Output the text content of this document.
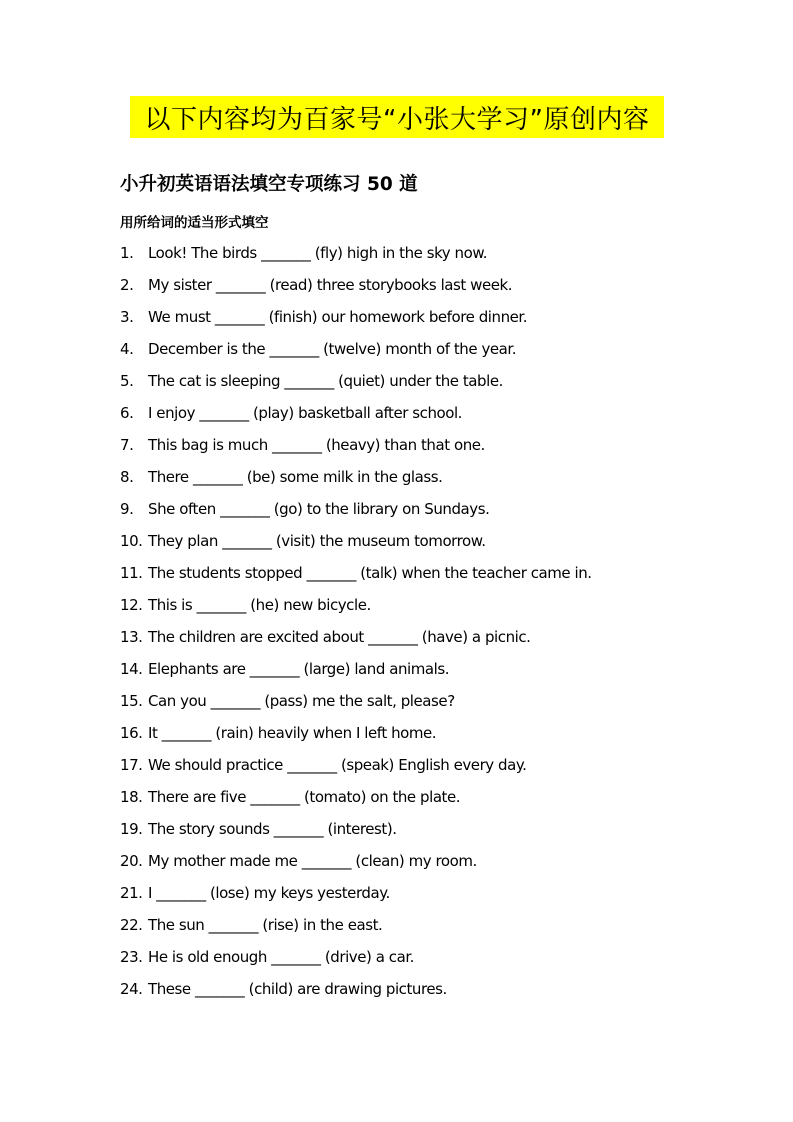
以下内容均为百家号“小张大学习”原创内容
小升初英语语法填空专项练习 50 道
用所给词的适当形式填空
1. Look! The birds _______ (fly) high in the sky now.
2. My sister _______ (read) three storybooks last week.
3. We must _______ (finish) our homework before dinner.
4. December is the _______ (twelve) month of the year.
5. The cat is sleeping _______ (quiet) under the table.
6. I enjoy _______ (play) basketball after school.
7. This bag is much _______ (heavy) than that one.
8. There _______ (be) some milk in the glass.
9. She often _______ (go) to the library on Sundays.
10. They plan _______ (visit) the museum tomorrow.
11. The students stopped _______ (talk) when the teacher came in.
12. This is _______ (he) new bicycle.
13. The children are excited about _______ (have) a picnic.
14. Elephants are _______ (large) land animals.
15. Can you _______ (pass) me the salt, please?
16. It _______ (rain) heavily when I left home.
17. We should practice _______ (speak) English every day.
18. There are five _______ (tomato) on the plate.
19. The story sounds _______ (interest).
20. My mother made me _______ (clean) my room.
21. I _______ (lose) my keys yesterday.
22. The sun _______ (rise) in the east.
23. He is old enough _______ (drive) a car.
24. These _______ (child) are drawing pictures.
